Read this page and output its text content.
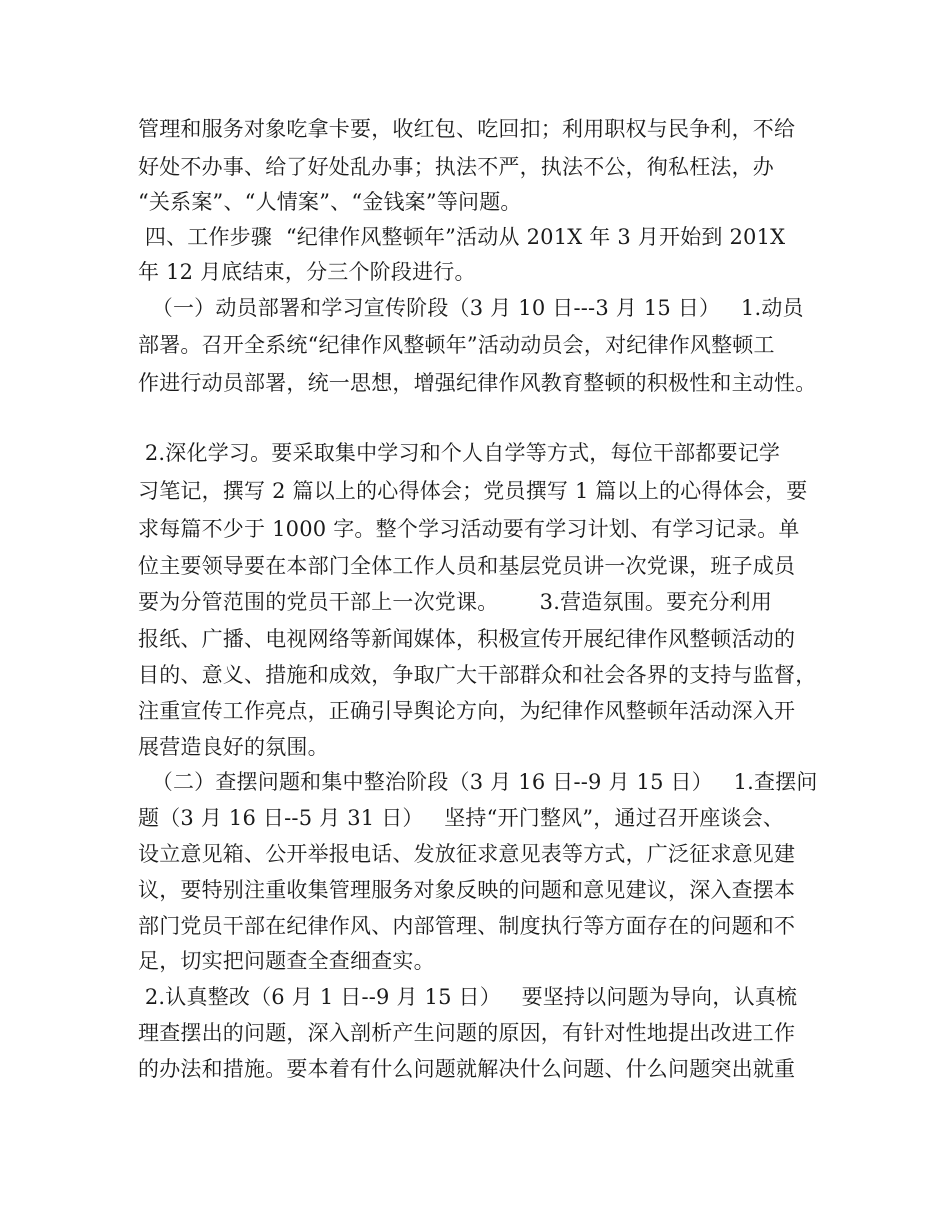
管理和服务对象吃拿卡要，收红包、吃回扣；利用职权与民争利，不给
好处不办事、给了好处乱办事；执法不严，执法不公，徇私枉法，办
“关系案”、“人情案”、“金钱案”等问题。
四、工作步骤  “纪律作风整顿年”活动从 201X 年 3 月开始到 201X
年 12 月底结束，分三个阶段进行。
（一）动员部署和学习宣传阶段（3 月 10 日---3 月 15 日）   1.动员
部署。召开全系统“纪律作风整顿年”活动动员会，对纪律作风整顿工
作进行动员部署，统一思想，增强纪律作风教育整顿的积极性和主动性。
2.深化学习。要采取集中学习和个人自学等方式，每位干部都要记学
习笔记，撰写 2 篇以上的心得体会；党员撰写 1 篇以上的心得体会，要
求每篇不少于 1000 字。整个学习活动要有学习计划、有学习记录。单
位主要领导要在本部门全体工作人员和基层党员讲一次党课，班子成员
要为分管范围的党员干部上一次党课。      3.营造氛围。要充分利用
报纸、广播、电视网络等新闻媒体，积极宣传开展纪律作风整顿活动的
目的、意义、措施和成效，争取广大干部群众和社会各界的支持与监督，
注重宣传工作亮点，正确引导舆论方向，为纪律作风整顿年活动深入开
展营造良好的氛围。
（二）查摆问题和集中整治阶段（3 月 16 日--9 月 15 日）   1.查摆问
题（3 月 16 日--5 月 31 日）   坚持“开门整风”，通过召开座谈会、
设立意见箱、公开举报电话、发放征求意见表等方式，广泛征求意见建
议，要特别注重收集管理服务对象反映的问题和意见建议，深入查摆本
部门党员干部在纪律作风、内部管理、制度执行等方面存在的问题和不
足，切实把问题查全查细查实。
2.认真整改（6 月 1 日--9 月 15 日）   要坚持以问题为导向，认真梳
理查摆出的问题，深入剖析产生问题的原因，有针对性地提出改进工作
的办法和措施。要本着有什么问题就解决什么问题、什么问题突出就重
